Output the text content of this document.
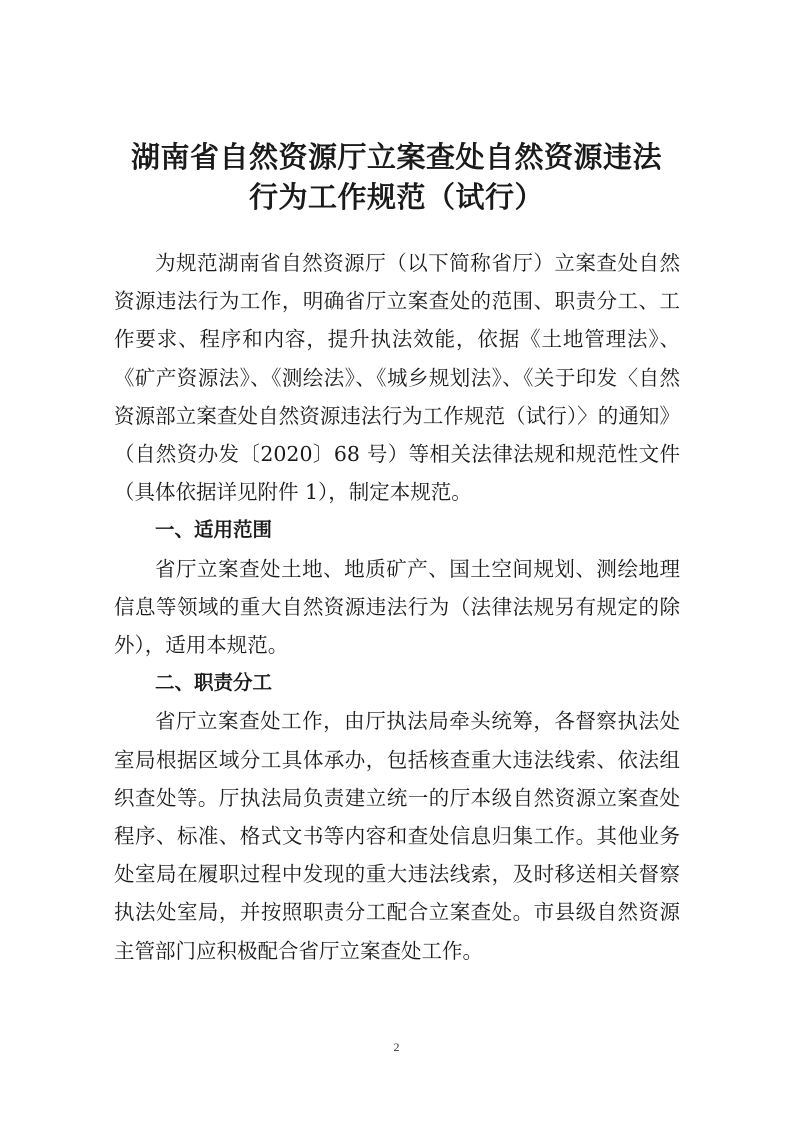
湖南省自然资源厅立案查处自然资源违法
行为工作规范（试行）

为规范湖南省自然资源厅（以下简称省厅）立案查处自然资源违法行为工作，明确省厅立案查处的范围、职责分工、工作要求、程序和内容，提升执法效能，依据《土地管理法》、《矿产资源法》、《测绘法》、《城乡规划法》、《关于印发〈自然资源部立案查处自然资源违法行为工作规范（试行）〉的通知》（自然资办发〔2020〕68 号）等相关法律法规和规范性文件（具体依据详见附件 1），制定本规范。

一、适用范围

省厅立案查处土地、地质矿产、国土空间规划、测绘地理信息等领域的重大自然资源违法行为（法律法规另有规定的除外），适用本规范。

二、职责分工

省厅立案查处工作，由厅执法局牵头统筹，各督察执法处室局根据区域分工具体承办，包括核查重大违法线索、依法组织查处等。厅执法局负责建立统一的厅本级自然资源立案查处程序、标准、格式文书等内容和查处信息归集工作。其他业务处室局在履职过程中发现的重大违法线索，及时移送相关督察执法处室局，并按照职责分工配合立案查处。市县级自然资源主管部门应积极配合省厅立案查处工作。

2
